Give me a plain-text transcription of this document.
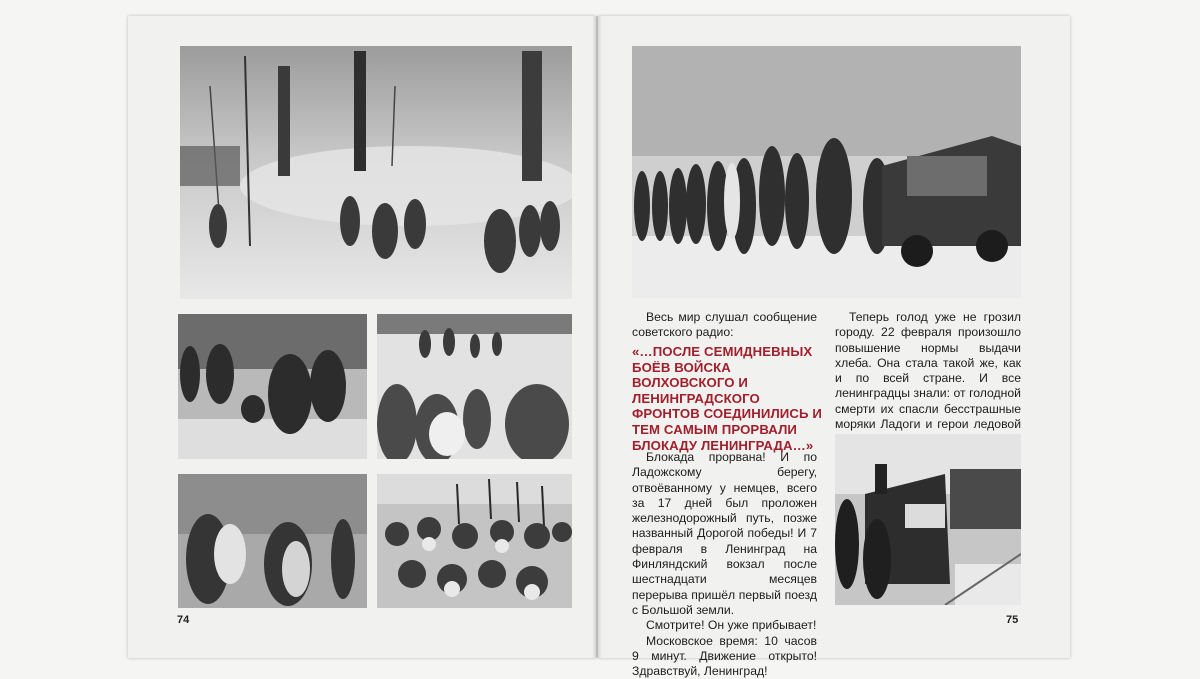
74

Весь мир слушал сообщение советского радио:

«…ПОСЛЕ СЕМИДНЕВНЫХ БОЁВ ВОЙСКА ВОЛХОВСКОГО И ЛЕНИНГРАДСКОГО ФРОНТОВ СОЕДИНИЛИСЬ И ТЕМ САМЫМ ПРОРВАЛИ БЛОКАДУ ЛЕНИНГРАДА…»

Блокада прорвана! И по Ладожскому берегу, отвоёванному у немцев, всего за 17 дней был проложен железнодорожный путь, позже названный Дорогой победы! И 7 февраля в Ленинград на Финляндский вокзал после шестнадцати месяцев перерыва пришёл первый поезд с Большой земли.

Смотрите! Он уже прибывает!

Московское время: 10 часов 9 минут. Движение открыто! Здравствуй, Ленинград!

Теперь голод уже не грозил городу. 22 февраля произошло повышение нормы выдачи хлеба. Она стала такой же, как и по всей стране. И все ленинградцы знали: от голодной смерти их спасли бесстрашные моряки Ладоги и герои ледовой

75
